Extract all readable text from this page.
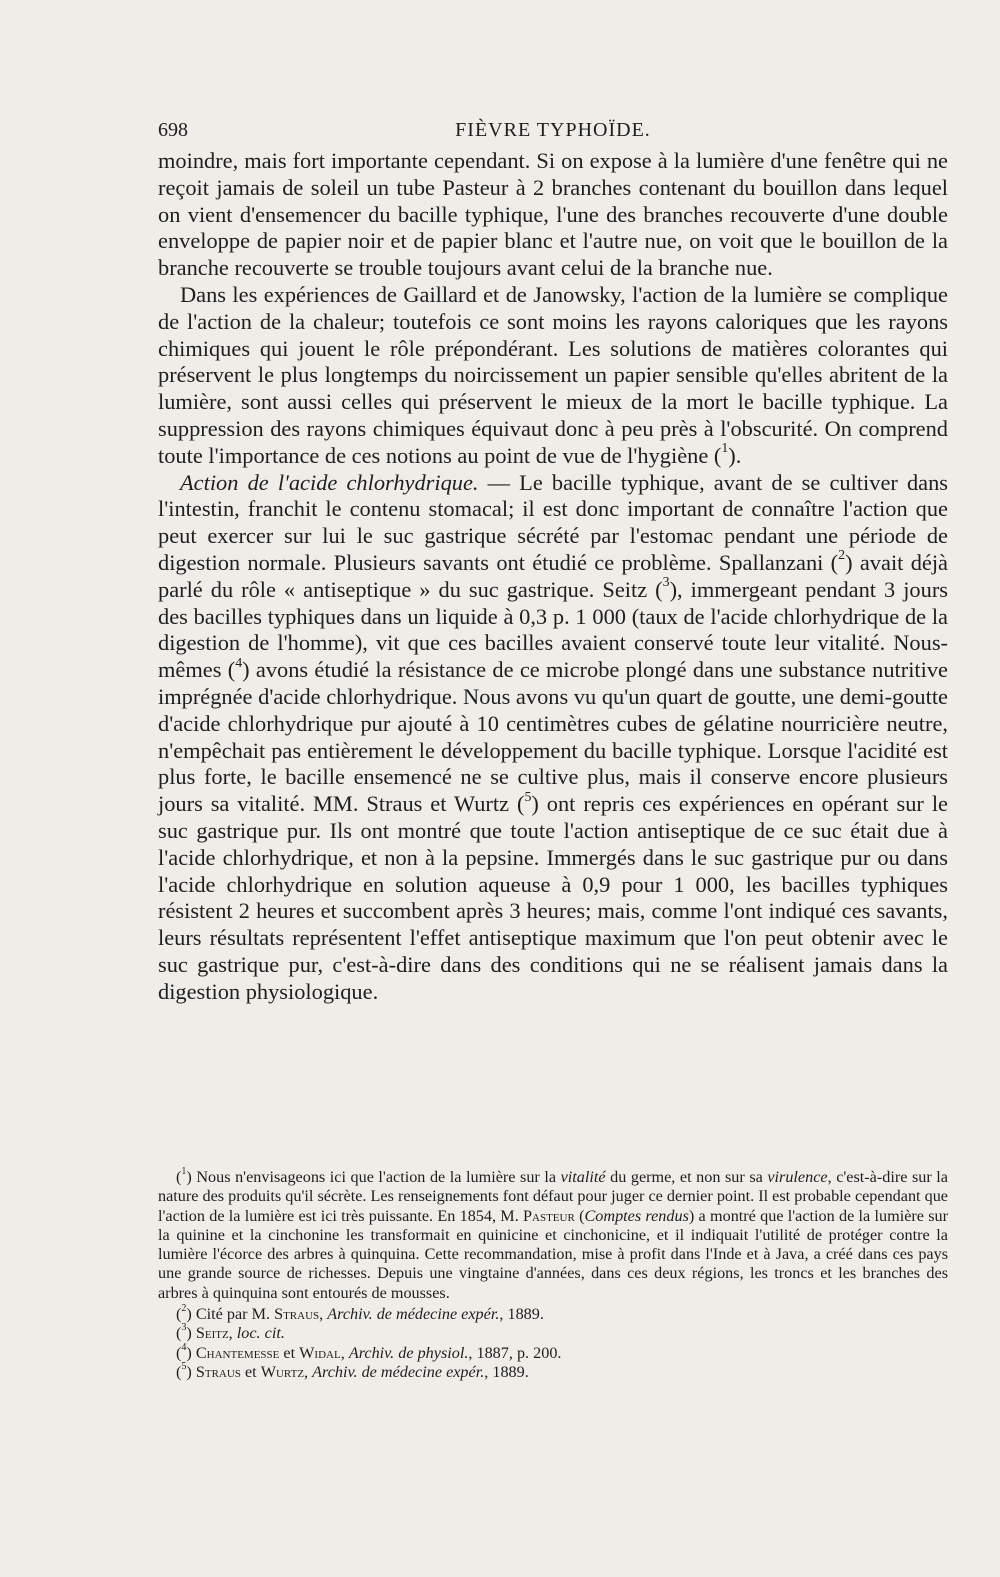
698	FIÈVRE TYPHOÏDE.

moindre, mais fort importante cependant. Si on expose à la lumière d'une fenêtre qui ne reçoit jamais de soleil un tube Pasteur à 2 branches contenant du bouillon dans lequel on vient d'ensemencer du bacille typhique, l'une des branches recouverte d'une double enveloppe de papier noir et de papier blanc et l'autre nue, on voit que le bouillon de la branche recouverte se trouble toujours avant celui de la branche nue.

Dans les expériences de Gaillard et de Janowsky, l'action de la lumière se complique de l'action de la chaleur; toutefois ce sont moins les rayons caloriques que les rayons chimiques qui jouent le rôle prépondérant. Les solutions de matières colorantes qui préservent le plus longtemps du noircissement un papier sensible qu'elles abritent de la lumière, sont aussi celles qui préservent le mieux de la mort le bacille typhique. La suppression des rayons chimiques équivaut donc à peu près à l'obscurité. On comprend toute l'importance de ces notions au point de vue de l'hygiène ($^1$).

Action de l'acide chlorhydrique. — Le bacille typhique, avant de se cultiver dans l'intestin, franchit le contenu stomacal; il est donc important de connaître l'action que peut exercer sur lui le suc gastrique sécrété par l'estomac pendant une période de digestion normale. Plusieurs savants ont étudié ce problème. Spallanzani ($^2$) avait déjà parlé du rôle « antiseptique » du suc gastrique. Seitz ($^3$), immergeant pendant 3 jours des bacilles typhiques dans un liquide à 0,3 p. 1 000 (taux de l'acide chlorhydrique de la digestion de l'homme), vit que ces bacilles avaient conservé toute leur vitalité. Nous-mêmes ($^4$) avons étudié la résistance de ce microbe plongé dans une substance nutritive imprégnée d'acide chlorhydrique. Nous avons vu qu'un quart de goutte, une demi-goutte d'acide chlorhydrique pur ajouté à 10 centimètres cubes de gélatine nourricière neutre, n'empêchait pas entièrement le développement du bacille typhique. Lorsque l'acidité est plus forte, le bacille ensemencé ne se cultive plus, mais il conserve encore plusieurs jours sa vitalité. MM. Straus et Wurtz ($^5$) ont repris ces expériences en opérant sur le suc gastrique pur. Ils ont montré que toute l'action antiseptique de ce suc était due à l'acide chlorhydrique, et non à la pepsine. Immergés dans le suc gastrique pur ou dans l'acide chlorhydrique en solution aqueuse à 0,9 pour 1 000, les bacilles typhiques résistent 2 heures et succombent après 3 heures; mais, comme l'ont indiqué ces savants, leurs résultats représentent l'effet antiseptique maximum que l'on peut obtenir avec le suc gastrique pur, c'est-à-dire dans des conditions qui ne se réalisent jamais dans la digestion physiologique.

($^1$) Nous n'envisageons ici que l'action de la lumière sur la vitalité du germe, et non sur sa virulence, c'est-à-dire sur la nature des produits qu'il sécrète. Les renseignements font défaut pour juger ce dernier point. Il est probable cependant que l'action de la lumière est ici très puissante. En 1854, M. Pasteur (Comptes rendus) a montré que l'action de la lumière sur la quinine et la cinchonine les transformait en quinicine et cinchonicine, et il indiquait l'utilité de protéger contre la lumière l'écorce des arbres à quinquina. Cette recommandation, mise à profit dans l'Inde et à Java, a créé dans ces pays une grande source de richesses. Depuis une vingtaine d'années, dans ces deux régions, les troncs et les branches des arbres à quinquina sont entourés de mousses.

($^2$) Cité par M. Straus, Archiv. de médecine expér., 1889.

($^3$) Seitz, loc. cit.

($^4$) Chantemesse et Widal, Archiv. de physiol., 1887, p. 200.

($^5$) Straus et Wurtz, Archiv. de médecine expér., 1889.
